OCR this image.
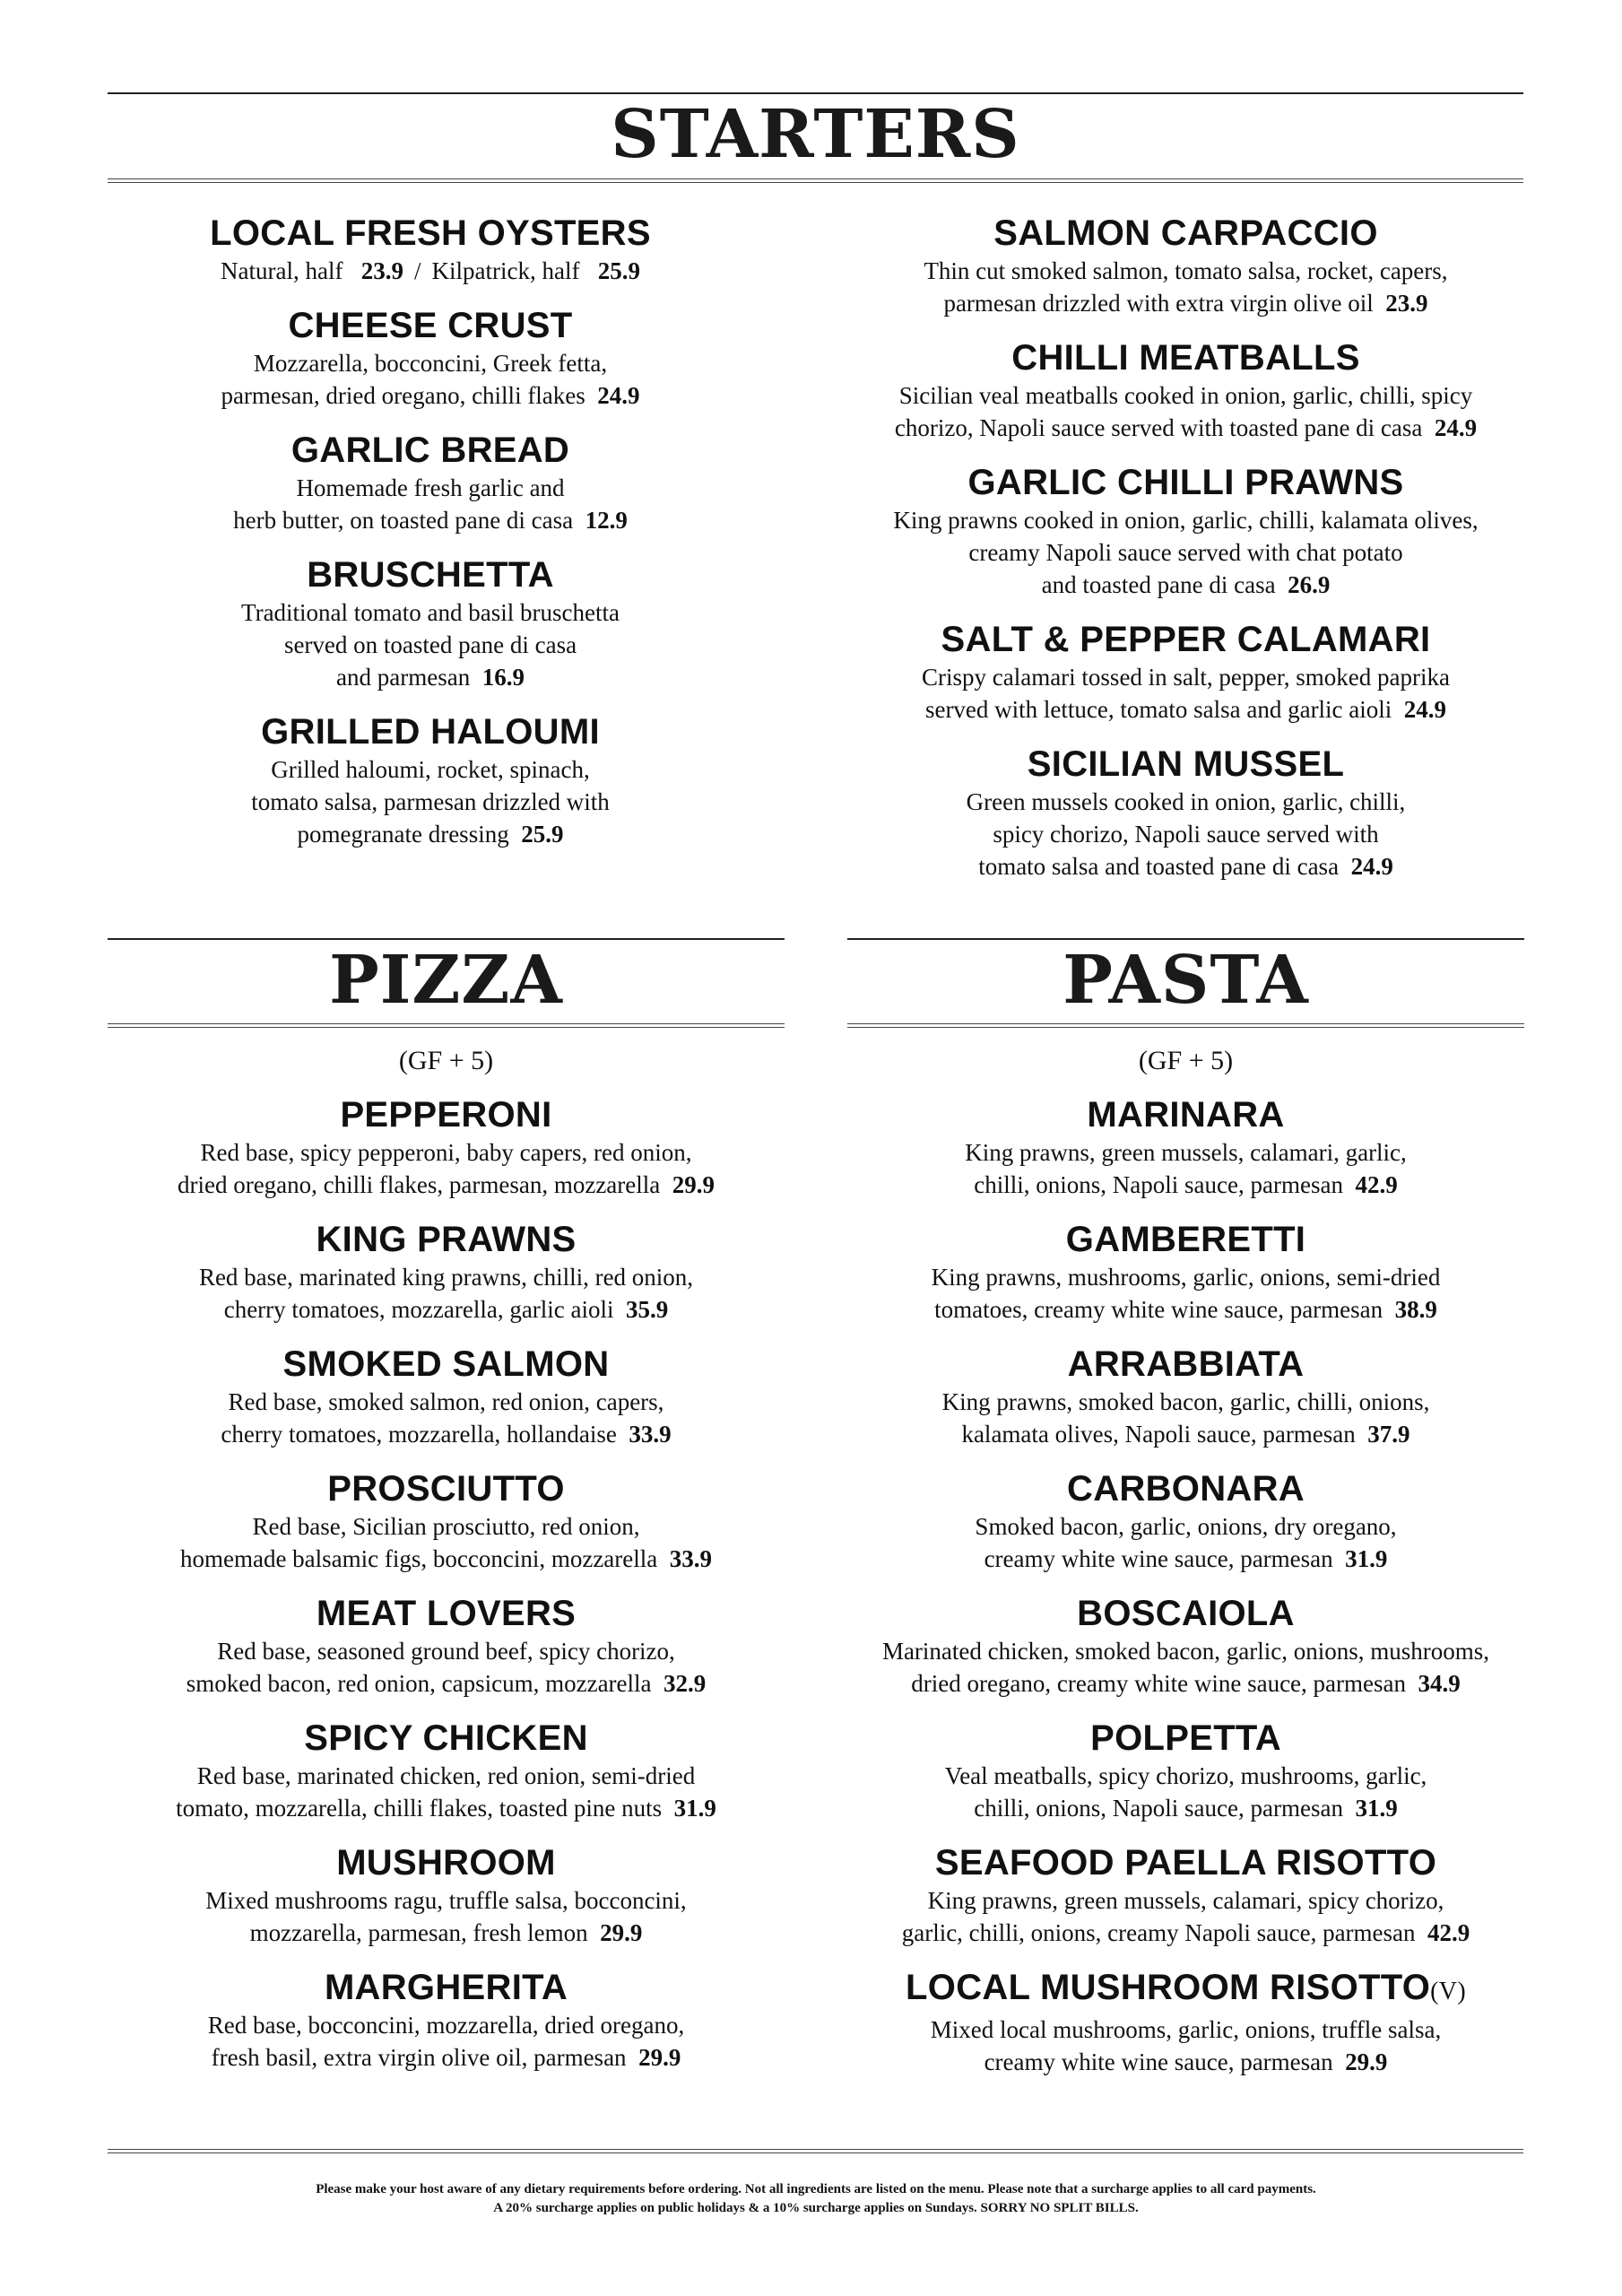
STARTERS
LOCAL FRESH OYSTERS
Natural, half 23.9 / Kilpatrick, half 25.9
CHEESE CRUST
Mozzarella, bocconcini, Greek fetta,
parmesan, dried oregano, chilli flakes 24.9
GARLIC BREAD
Homemade fresh garlic and
herb butter, on toasted pane di casa 12.9
BRUSCHETTA
Traditional tomato and basil bruschetta
served on toasted pane di casa
and parmesan 16.9
GRILLED HALOUMI
Grilled haloumi, rocket, spinach,
tomato salsa, parmesan drizzled with
pomegranate dressing 25.9
SALMON CARPACCIO
Thin cut smoked salmon, tomato salsa, rocket, capers,
parmesan drizzled with extra virgin olive oil 23.9
CHILLI MEATBALLS
Sicilian veal meatballs cooked in onion, garlic, chilli, spicy
chorizo, Napoli sauce served with toasted pane di casa 24.9
GARLIC CHILLI PRAWNS
King prawns cooked in onion, garlic, chilli, kalamata olives,
creamy Napoli sauce served with chat potato
and toasted pane di casa 26.9
SALT & PEPPER CALAMARI
Crispy calamari tossed in salt, pepper, smoked paprika
served with lettuce, tomato salsa and garlic aioli 24.9
SICILIAN MUSSEL
Green mussels cooked in onion, garlic, chilli,
spicy chorizo, Napoli sauce served with
tomato salsa and toasted pane di casa 24.9
PIZZA	PASTA
(GF + 5)
PEPPERONI
Red base, spicy pepperoni, baby capers, red onion,
dried oregano, chilli flakes, parmesan, mozzarella 29.9
KING PRAWNS
Red base, marinated king prawns, chilli, red onion,
cherry tomatoes, mozzarella, garlic aioli 35.9
SMOKED SALMON
Red base, smoked salmon, red onion, capers,
cherry tomatoes, mozzarella, hollandaise 33.9
PROSCIUTTO
Red base, Sicilian prosciutto, red onion,
homemade balsamic figs, bocconcini, mozzarella 33.9
MEAT LOVERS
Red base, seasoned ground beef, spicy chorizo,
smoked bacon, red onion, capsicum, mozzarella 32.9
SPICY CHICKEN
Red base, marinated chicken, red onion, semi-dried
tomato, mozzarella, chilli flakes, toasted pine nuts 31.9
MUSHROOM
Mixed mushrooms ragu, truffle salsa, bocconcini,
mozzarella, parmesan, fresh lemon 29.9
MARGHERITA
Red base, bocconcini, mozzarella, dried oregano,
fresh basil, extra virgin olive oil, parmesan 29.9
(GF + 5)
MARINARA
King prawns, green mussels, calamari, garlic,
chilli, onions, Napoli sauce, parmesan 42.9
GAMBERETTI
King prawns, mushrooms, garlic, onions, semi-dried
tomatoes, creamy white wine sauce, parmesan 38.9
ARRABBIATA
King prawns, smoked bacon, garlic, chilli, onions,
kalamata olives, Napoli sauce, parmesan 37.9
CARBONARA
Smoked bacon, garlic, onions, dry oregano,
creamy white wine sauce, parmesan 31.9
BOSCAIOLA
Marinated chicken, smoked bacon, garlic, onions, mushrooms,
dried oregano, creamy white wine sauce, parmesan 34.9
POLPETTA
Veal meatballs, spicy chorizo, mushrooms, garlic,
chilli, onions, Napoli sauce, parmesan 31.9
SEAFOOD PAELLA RISOTTO
King prawns, green mussels, calamari, spicy chorizo,
garlic, chilli, onions, creamy Napoli sauce, parmesan 42.9
LOCAL MUSHROOM RISOTTO(V)
Mixed local mushrooms, garlic, onions, truffle salsa,
creamy white wine sauce, parmesan 29.9
Please make your host aware of any dietary requirements before ordering. Not all ingredients are listed on the menu. Please note that a surcharge applies to all card payments.
A 20% surcharge applies on public holidays & a 10% surcharge applies on Sundays. SORRY NO SPLIT BILLS.
